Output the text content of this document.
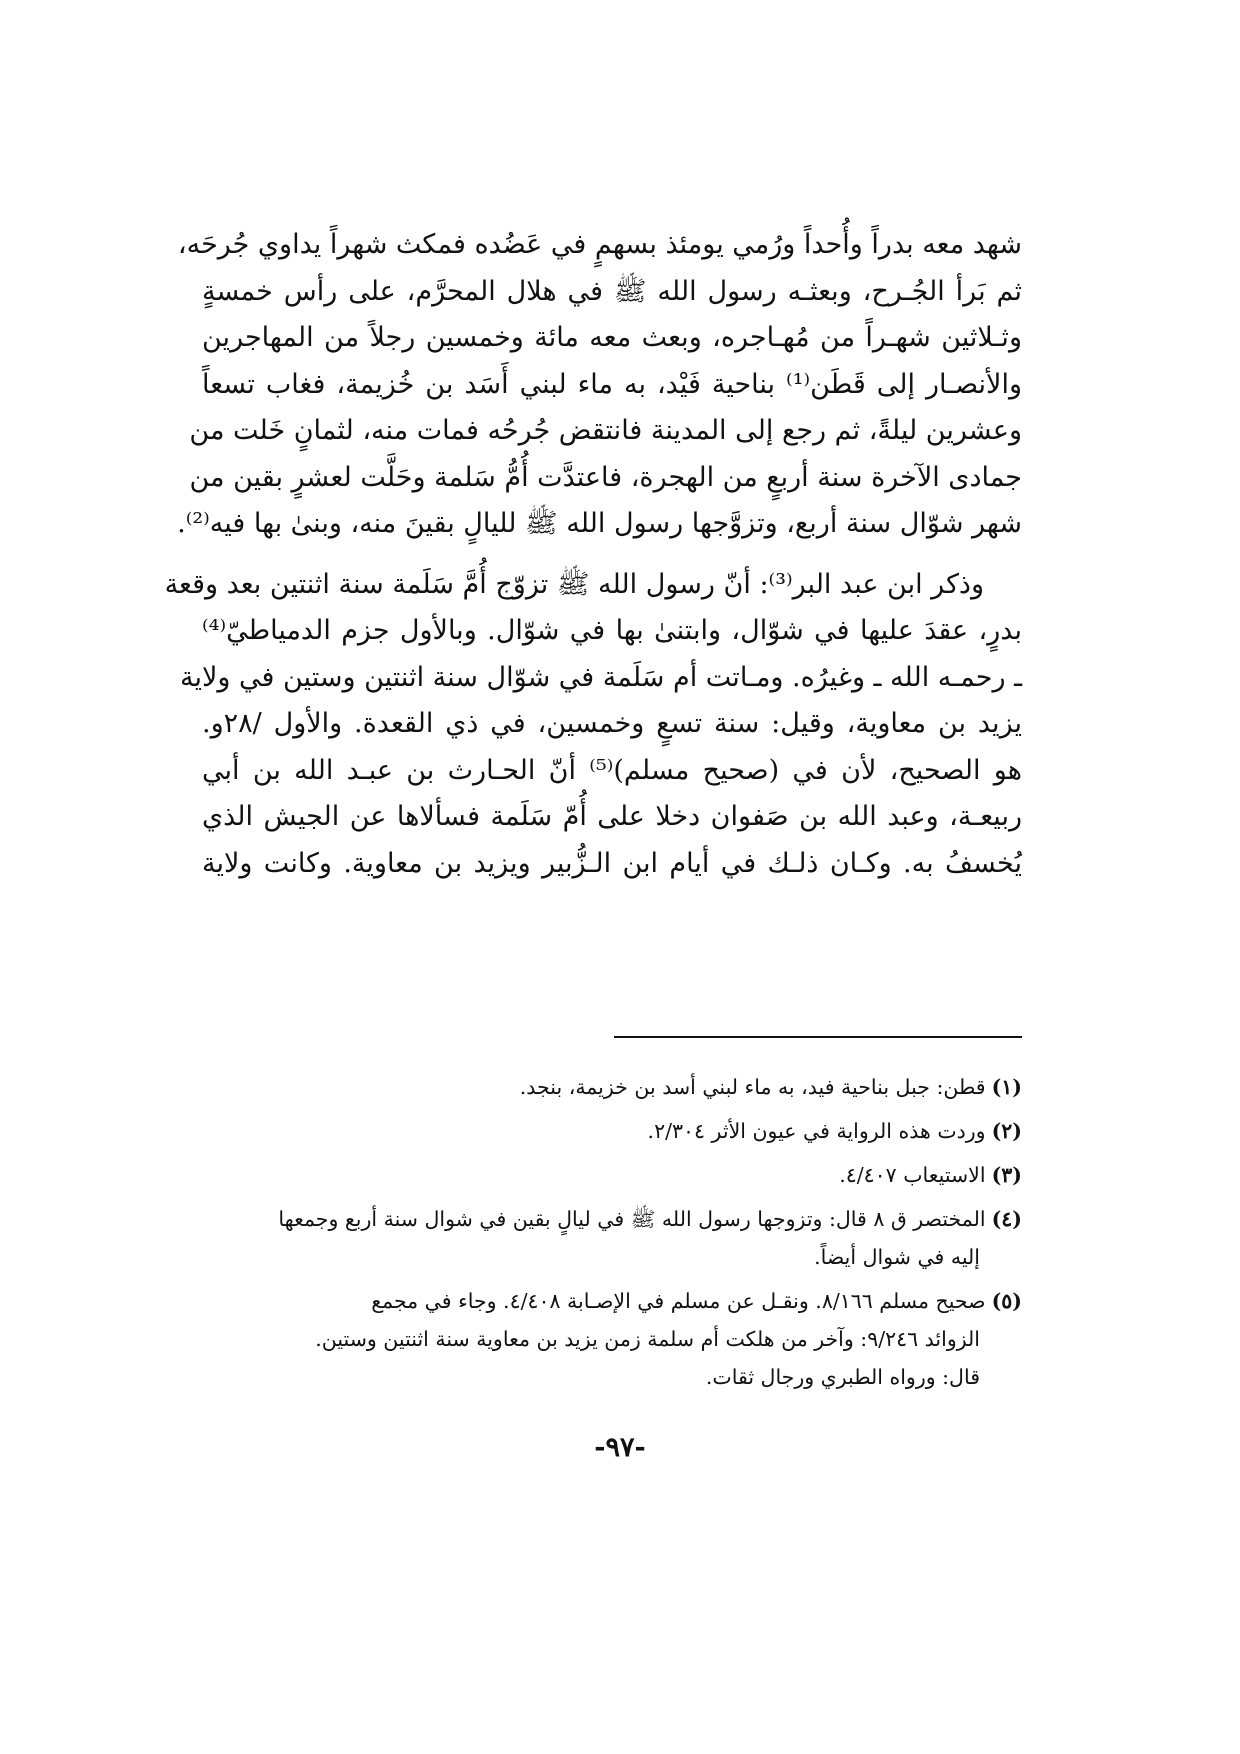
شهد معه بدراً وأُحداً ورُمي يومئذ بسهمٍ في عَضُده فمكث شهراً يداوي جُرحَه،
ثم بَرأ الجُـرح، وبعثـه رسول الله ﷺ في هلال المحرَّم، على رأس خمسةٍ
وثـلاثين شهـراً من مُهـاجره، وبعث معه مائة وخمسين رجلاً من المهاجرين
والأنصـار إلى قَطَن⁽¹⁾ بناحية فَيْد، به ماء لبني أَسَد بن خُزيمة، فغاب تسعاً
وعشرين ليلةً، ثم رجع إلى المدينة فانتقض جُرحُه فمات منه، لثمانٍ خَلت من
جمادى الآخرة سنة أربعٍ من الهجرة، فاعتدَّت أُمُّ سَلمة وحَلَّت لعشرٍ بقين من
شهر شوّال سنة أربع، وتزوَّجها رسول الله ﷺ لليالٍ بقينَ منه، وبنىٰ بها فيه⁽²⁾.

وذكر ابن عبد البر⁽³⁾: أنّ رسول الله ﷺ تزوّج أُمَّ سَلَمة سنة اثنتين بعد وقعة
بدرٍ، عقدَ عليها في شوّال، وابتنىٰ بها في شوّال. وبالأول جزم الدمياطيّ⁽⁴⁾
ـ رحمـه الله ـ وغيرُه. ومـاتت أم سَلَمة في شوّال سنة اثنتين وستين في ولاية
يزيد بن معاوية، وقيل: سنة تسعٍ وخمسين، في ذي القعدة. والأول /٢٨و.
هو الصحيح، لأن في (صحيح مسلم)⁽⁵⁾ أنّ الحـارث بن عبـد الله بن أبي
ربيعـة، وعبد الله بن صَفوان دخلا على أُمّ سَلَمة فسألاها عن الجيش الذي
يُخسفُ به. وكـان ذلـك في أيام ابن الـزُّبير ويزيد بن معاوية. وكانت ولاية

(١)قطن: جبل بناحية فيد، به ماء لبني أسد بن خزيمة، بنجد.
(٢)وردت هذه الرواية في عيون الأثر ٢/٣٠٤.
(٣)الاستيعاب ٤/٤٠٧.
(٤)المختصر ق ٨ قال: وتزوجها رسول الله ﷺ في ليالٍ بقين في شوال سنة أربع وجمعها
إليه في شوال أيضاً.
(٥)صحيح مسلم ٨/١٦٦. ونقـل عن مسلم في الإصـابة ٤/٤٠٨. وجاء في مجمع
الزوائد ٩/٢٤٦: وآخر من هلكت أم سلمة زمن يزيد بن معاوية سنة اثنتين وستين.
قال: ورواه الطبري ورجال ثقات.
-٩٧-
